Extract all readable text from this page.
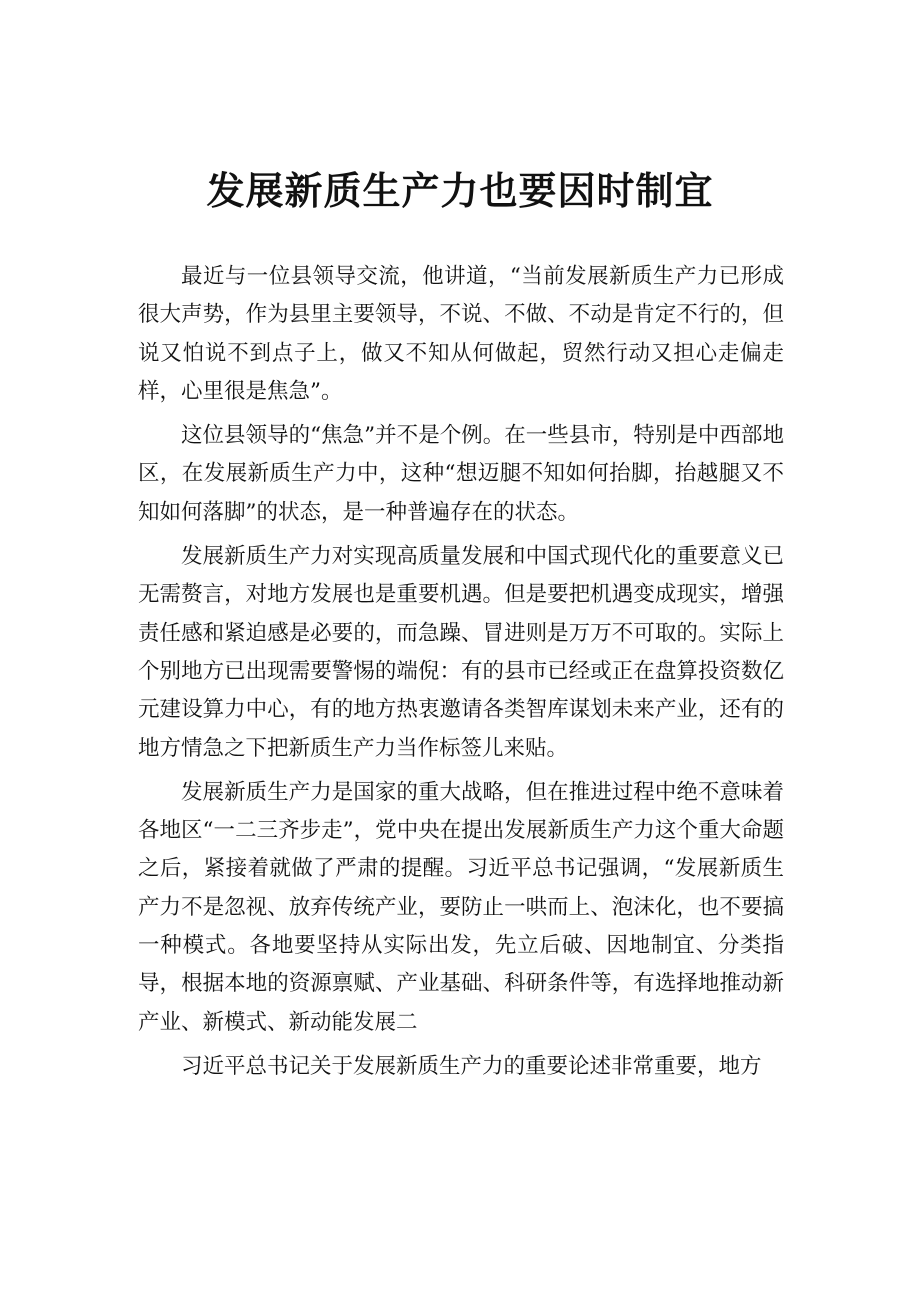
发展新质生产力也要因时制宜

最近与一位县领导交流，他讲道，“当前发展新质生产力已形成很大声势，作为县里主要领导，不说、不做、不动是肯定不行的，但说又怕说不到点子上，做又不知从何做起，贸然行动又担心走偏走样，心里很是焦急”。

这位县领导的“焦急”并不是个例。在一些县市，特别是中西部地区，在发展新质生产力中，这种“想迈腿不知如何抬脚，抬越腿又不知如何落脚”的状态，是一种普遍存在的状态。

发展新质生产力对实现高质量发展和中国式现代化的重要意义已无需赘言，对地方发展也是重要机遇。但是要把机遇变成现实，增强责任感和紧迫感是必要的，而急躁、冒进则是万万不可取的。实际上个别地方已出现需要警惕的端倪：有的县市已经或正在盘算投资数亿元建设算力中心，有的地方热衷邀请各类智库谋划未来产业，还有的地方情急之下把新质生产力当作标签儿来贴。

发展新质生产力是国家的重大战略，但在推进过程中绝不意味着各地区“一二三齐步走”，党中央在提出发展新质生产力这个重大命题之后，紧接着就做了严肃的提醒。习近平总书记强调，“发展新质生产力不是忽视、放弃传统产业，要防止一哄而上、泡沫化，也不要搞一种模式。各地要坚持从实际出发，先立后破、因地制宜、分类指导，根据本地的资源禀赋、产业基础、科研条件等，有选择地推动新产业、新模式、新动能发展二

习近平总书记关于发展新质生产力的重要论述非常重要，地方
